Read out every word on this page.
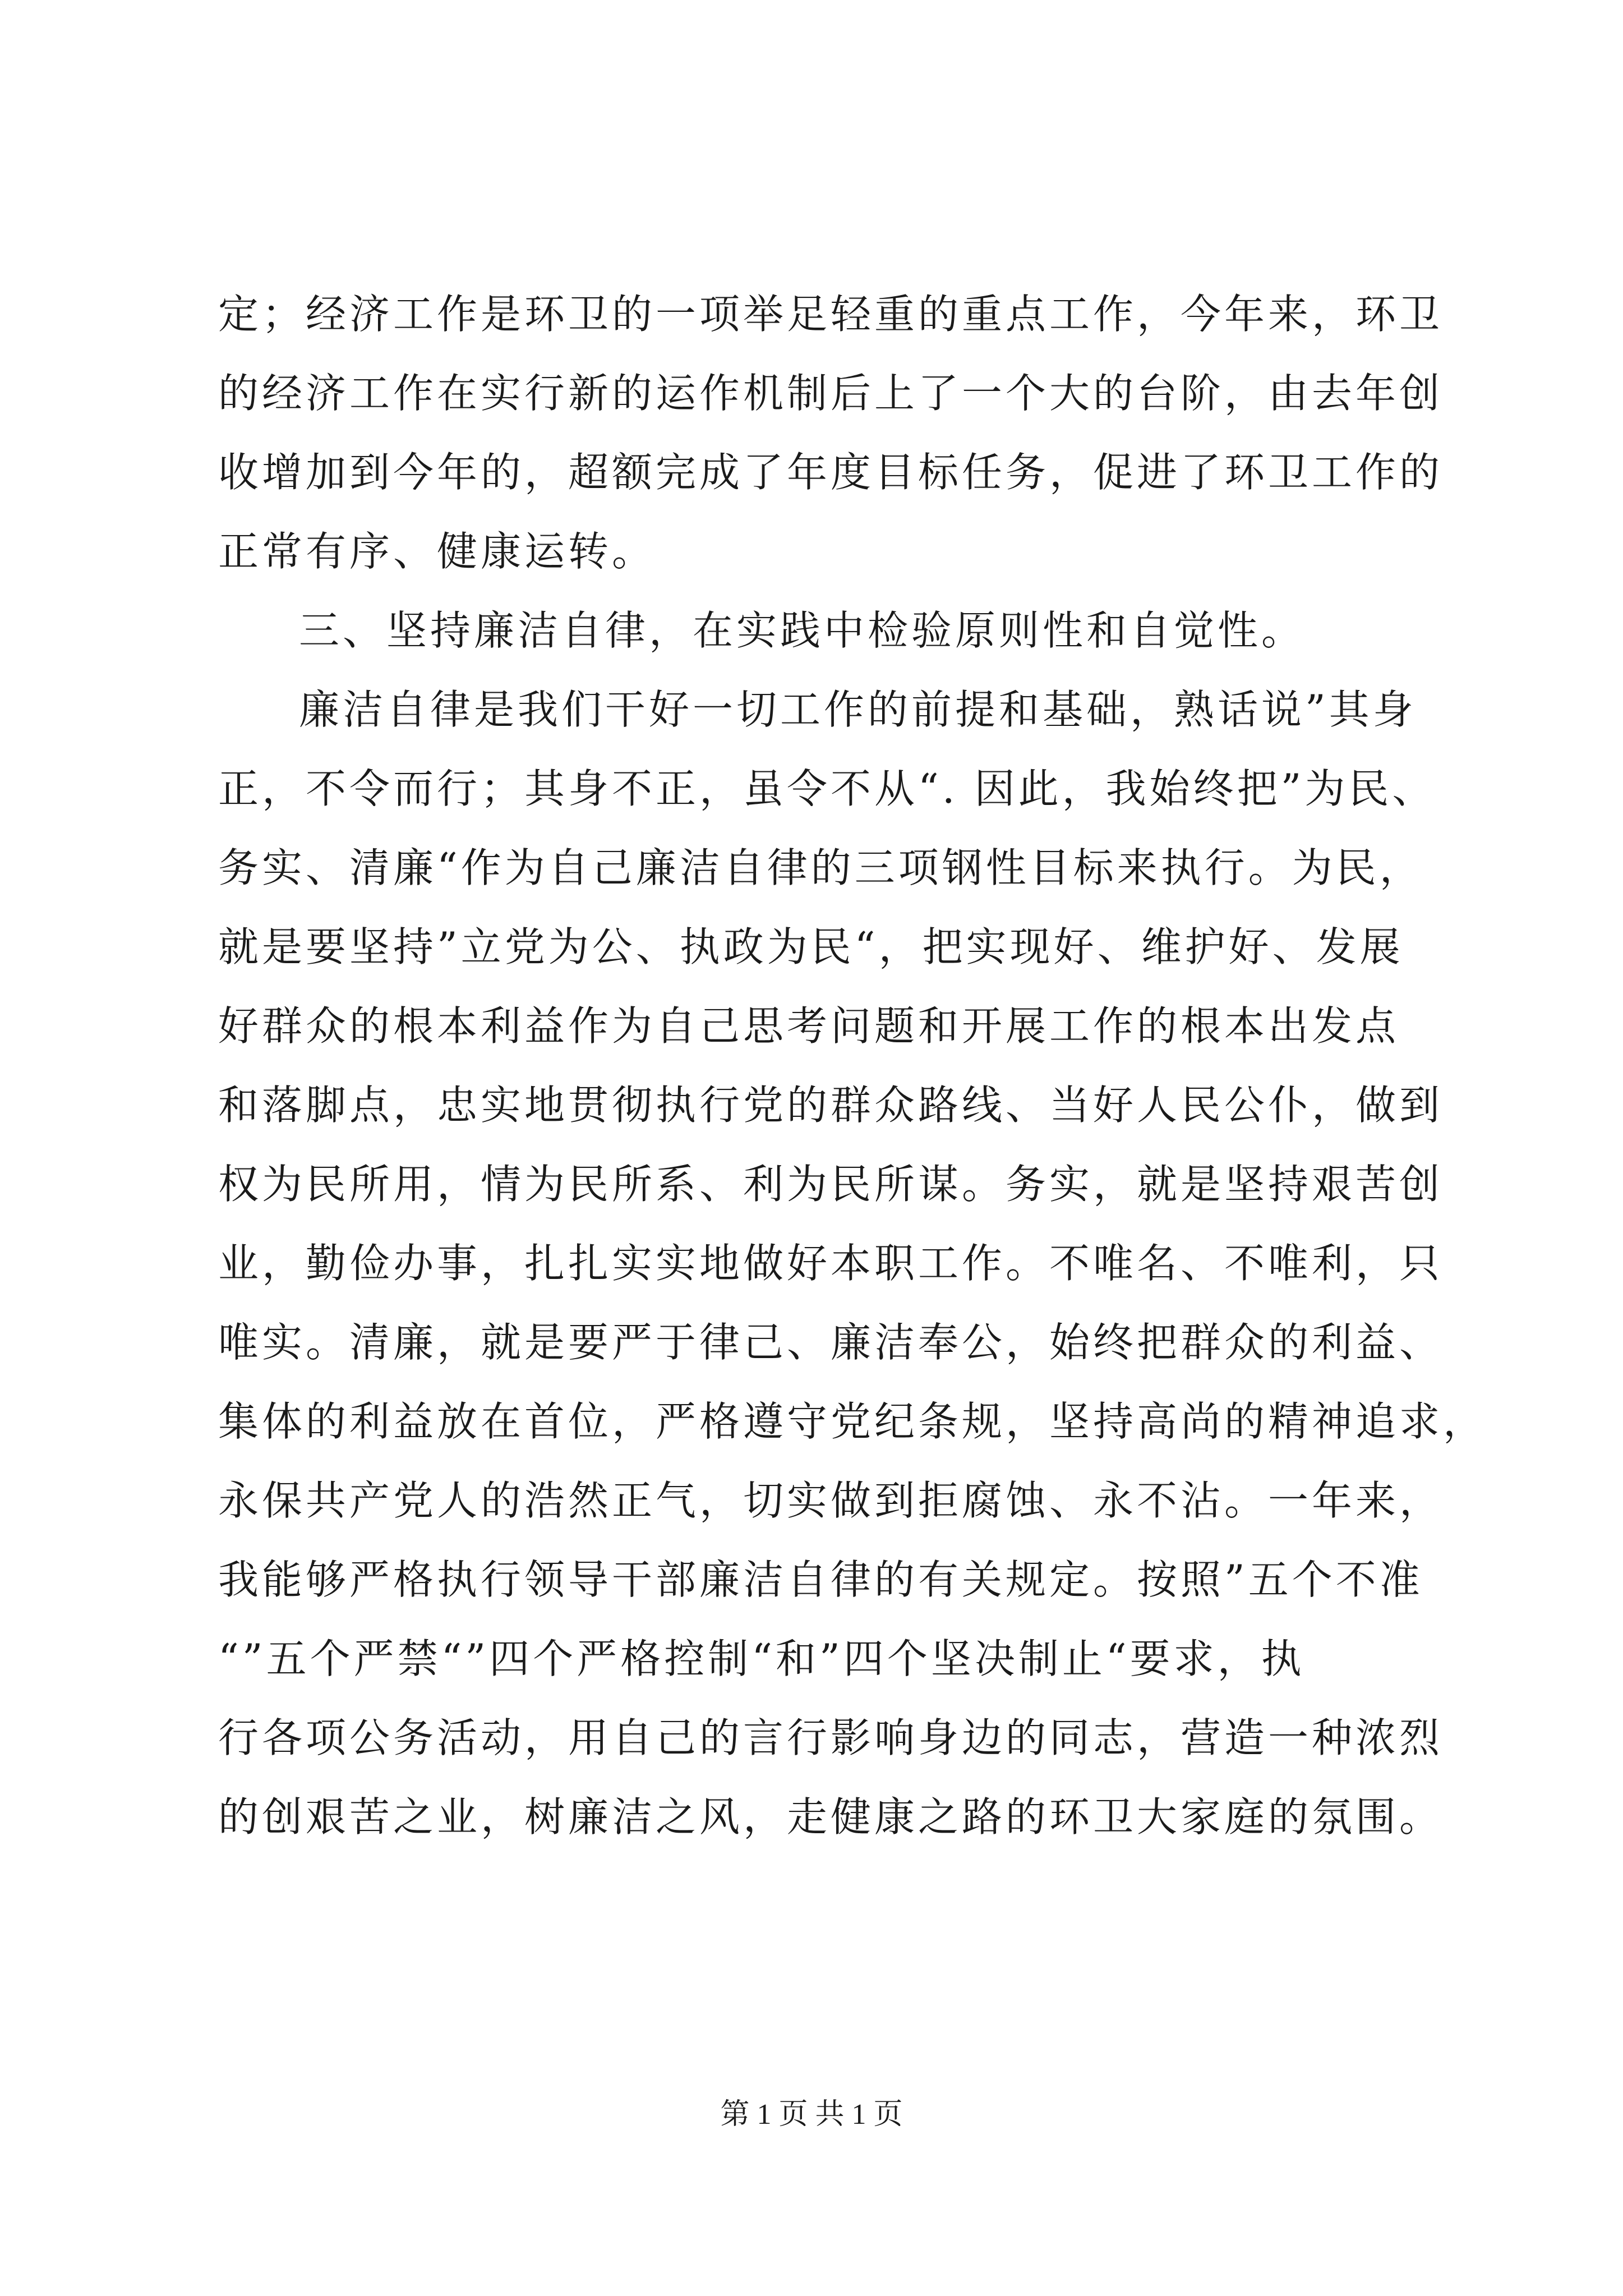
定；经济工作是环卫的一项举足轻重的重点工作，今年来，环卫
的经济工作在实行新的运作机制后上了一个大的台阶，由去年创
收增加到今年的，超额完成了年度目标任务，促进了环卫工作的
正常有序、健康运转。
三、坚持廉洁自律，在实践中检验原则性和自觉性。
廉洁自律是我们干好一切工作的前提和基础，熟话说”其身
正，不令而行；其身不正，虽令不从“. 因此，我始终把”为民、
务实、清廉“作为自己廉洁自律的三项钢性目标来执行。为民，
就是要坚持”立党为公、执政为民“，把实现好、维护好、发展
好群众的根本利益作为自己思考问题和开展工作的根本出发点
和落脚点，忠实地贯彻执行党的群众路线、当好人民公仆，做到
权为民所用，情为民所系、利为民所谋。务实，就是坚持艰苦创
业，勤俭办事，扎扎实实地做好本职工作。不唯名、不唯利，只
唯实。清廉，就是要严于律己、廉洁奉公，始终把群众的利益、
集体的利益放在首位，严格遵守党纪条规，坚持高尚的精神追求，
永保共产党人的浩然正气，切实做到拒腐蚀、永不沾。一年来，
我能够严格执行领导干部廉洁自律的有关规定。按照”五个不准
“”五个严禁“”四个严格控制“和”四个坚决制止“要求，执
行各项公务活动，用自己的言行影响身边的同志，营造一种浓烈
的创艰苦之业，树廉洁之风，走健康之路的环卫大家庭的氛围。
第 1 页 共 1 页
